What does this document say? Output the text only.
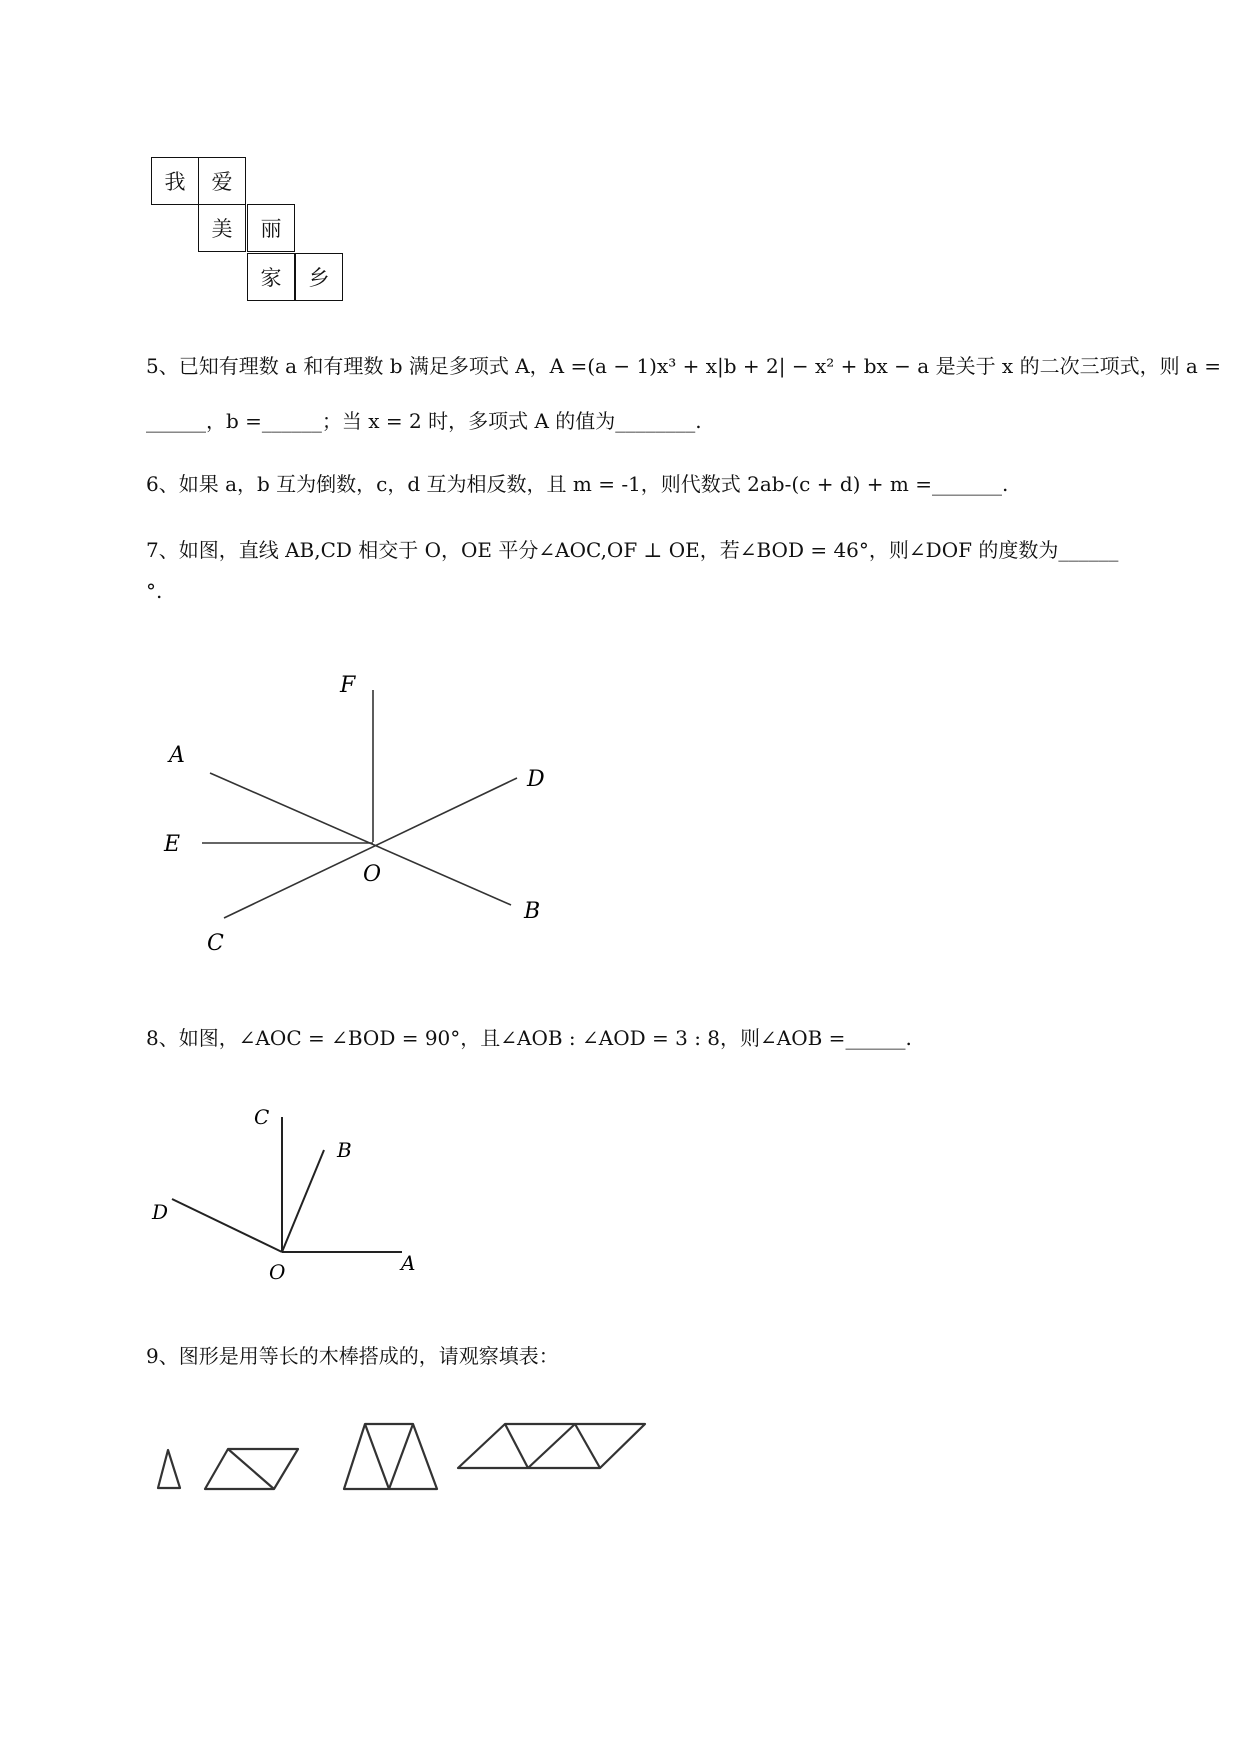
我	爱
美	丽
家	乡
5、已知有理数 a 和有理数 b 满足多项式 A，A =(a − 1)x³ + x|b + 2| − x² + bx − a 是关于 x 的二次三项式，则 a =
______，b =______；当 x = 2 时，多项式 A 的值为________.
6、如果 a，b 互为倒数，c，d 互为相反数，且 m = -1，则代数式 2ab-(c + d) + m =_______.
7、如图，直线 AB,CD 相交于 O，OE 平分∠AOC,OF ⊥ OE，若∠BOD = 46°，则∠DOF 的度数为______
°.
F
A
D
E
O
B
C
8、如图，∠AOC = ∠BOD = 90°，且∠AOB : ∠AOD = 3 : 8，则∠AOB =______.
C
B
D
O	A
9、图形是用等长的木棒搭成的，请观察填表：
